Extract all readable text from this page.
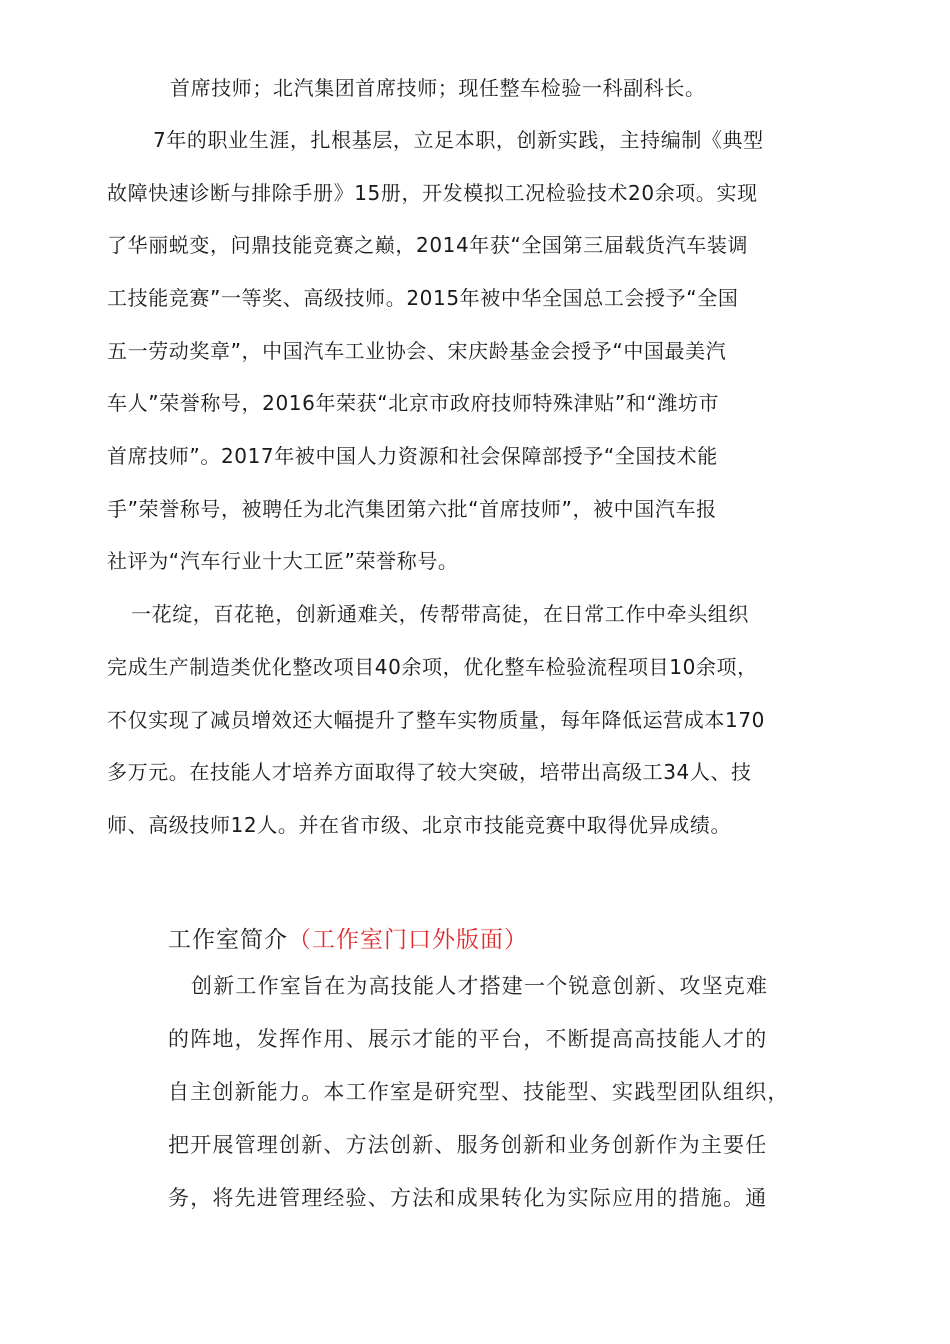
首席技师；北汽集团首席技师；现任整车检验一科副科长。
7年的职业生涯，扎根基层，立足本职，创新实践，主持编制《典型
故障快速诊断与排除手册》15册，开发模拟工况检验技术20余项。实现
了华丽蜕变，问鼎技能竞赛之巅，2014年获“全国第三届载货汽车装调
工技能竞赛”一等奖、高级技师。2015年被中华全国总工会授予“全国
五一劳动奖章”，中国汽车工业协会、宋庆龄基金会授予“中国最美汽
车人”荣誉称号，2016年荣获“北京市政府技师特殊津贴”和“潍坊市
首席技师”。2017年被中国人力资源和社会保障部授予“全国技术能
手”荣誉称号，被聘任为北汽集团第六批“首席技师”，被中国汽车报
社评为“汽车行业十大工匠”荣誉称号。
一花绽，百花艳，创新通难关，传帮带高徒，在日常工作中牵头组织
完成生产制造类优化整改项目40余项，优化整车检验流程项目10余项，
不仅实现了减员增效还大幅提升了整车实物质量，每年降低运营成本170
多万元。在技能人才培养方面取得了较大突破，培带出高级工34人、技
师、高级技师12人。并在省市级、北京市技能竞赛中取得优异成绩。
工作室简介（工作室门口外版面）
创新工作室旨在为高技能人才搭建一个锐意创新、攻坚克难
的阵地，发挥作用、展示才能的平台，不断提高高技能人才的
自主创新能力。本工作室是研究型、技能型、实践型团队组织，
把开展管理创新、方法创新、服务创新和业务创新作为主要任
务，将先进管理经验、方法和成果转化为实际应用的措施。通
